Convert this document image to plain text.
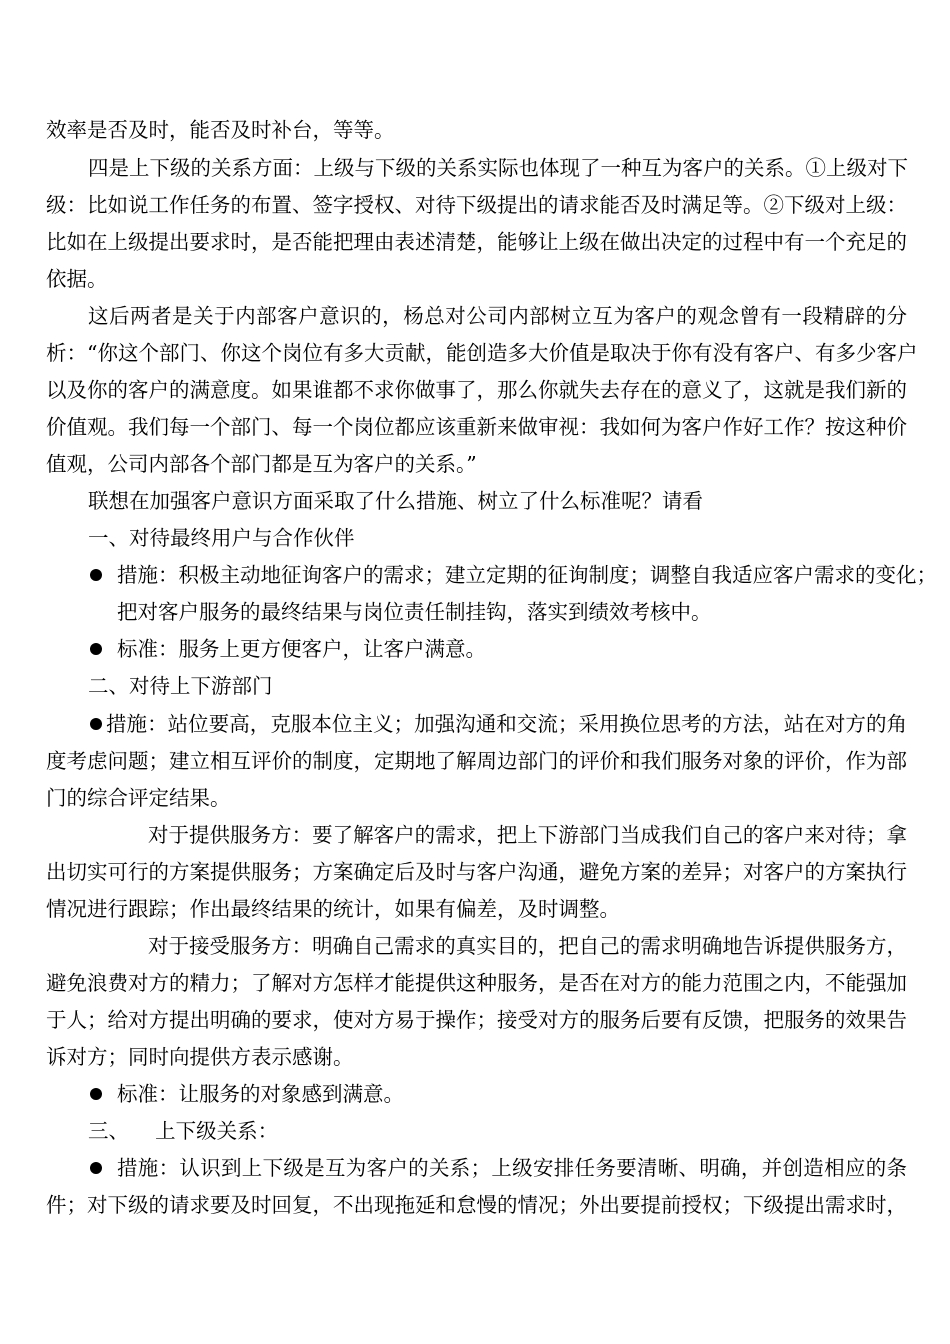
效率是否及时，能否及时补台，等等。
四是上下级的关系方面：上级与下级的关系实际也体现了一种互为客户的关系。①上级对下
级：比如说工作任务的布置、签字授权、对待下级提出的请求能否及时满足等。②下级对上级：
比如在上级提出要求时，是否能把理由表述清楚，能够让上级在做出决定的过程中有一个充足的
依据。
这后两者是关于内部客户意识的，杨总对公司内部树立互为客户的观念曾有一段精辟的分
析：“你这个部门、你这个岗位有多大贡献，能创造多大价值是取决于你有没有客户、有多少客户
以及你的客户的满意度。如果谁都不求你做事了，那么你就失去存在的意义了，这就是我们新的
价值观。我们每一个部门、每一个岗位都应该重新来做审视：我如何为客户作好工作？按这种价
值观，公司内部各个部门都是互为客户的关系。”
联想在加强客户意识方面采取了什么措施、树立了什么标准呢？请看
一、对待最终用户与合作伙伴
措施：积极主动地征询客户的需求；建立定期的征询制度；调整自我适应客户需求的变化；
把对客户服务的最终结果与岗位责任制挂钩，落实到绩效考核中。
标准：服务上更方便客户，让客户满意。
二、对待上下游部门
措施：站位要高，克服本位主义；加强沟通和交流；采用换位思考的方法，站在对方的角
度考虑问题；建立相互评价的制度，定期地了解周边部门的评价和我们服务对象的评价，作为部
门的综合评定结果。
对于提供服务方：要了解客户的需求，把上下游部门当成我们自己的客户来对待；拿
出切实可行的方案提供服务；方案确定后及时与客户沟通，避免方案的差异；对客户的方案执行
情况进行跟踪；作出最终结果的统计，如果有偏差，及时调整。
对于接受服务方：明确自己需求的真实目的，把自己的需求明确地告诉提供服务方，
避免浪费对方的精力；了解对方怎样才能提供这种服务，是否在对方的能力范围之内，不能强加
于人；给对方提出明确的要求，使对方易于操作；接受对方的服务后要有反馈，把服务的效果告
诉对方；同时向提供方表示感谢。
标准：让服务的对象感到满意。
三、    上下级关系：
措施：认识到上下级是互为客户的关系；上级安排任务要清晰、明确，并创造相应的条
件；对下级的请求要及时回复，不出现拖延和怠慢的情况；外出要提前授权；下级提出需求时，
